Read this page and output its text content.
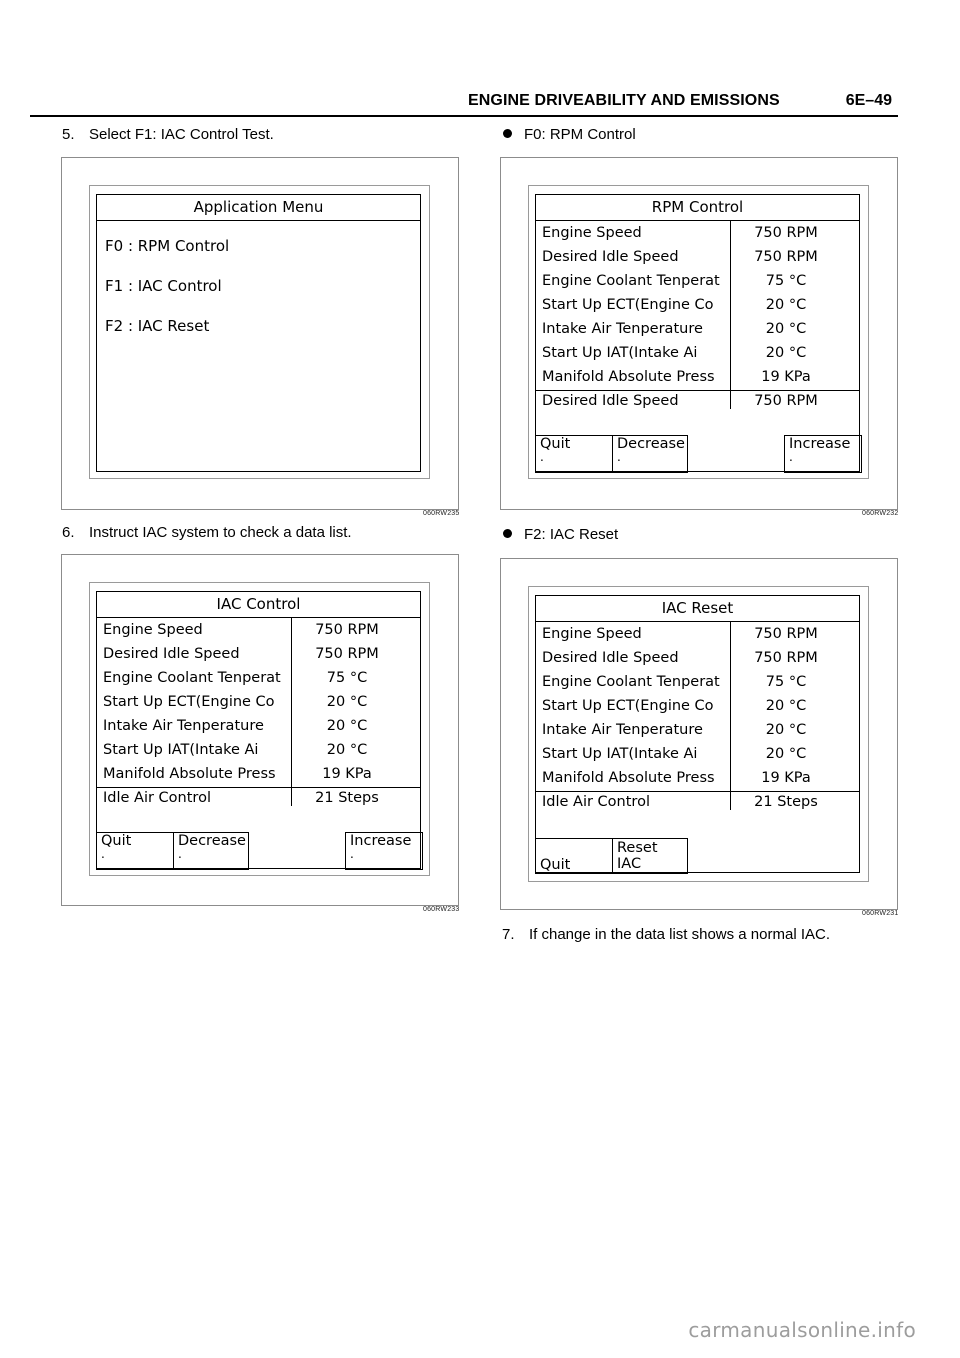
ENGINE DRIVEABILITY AND EMISSIONS	6E–49
5. Select F1: IAC Control Test.
Application Menu
F0 : RPM Control
F1 : IAC Control
F2 : IAC Reset
060RW235
6. Instruct IAC system to check a data list.
IAC Control
Engine Speed	750 RPM
Desired Idle Speed	750 RPM
Engine Coolant Tenperat	75 °C
Start Up ECT(Engine Co	20 °C
Intake Air Tenperature	20 °C
Start Up IAT(Intake Ai	20 °C
Manifold Absolute Press	19 KPa
Idle Air Control	21 Steps
Quit
.
Decrease
.
Increase
.
060RW233
F0: RPM Control
RPM Control
Engine Speed	750 RPM
Desired Idle Speed	750 RPM
Engine Coolant Tenperat	75 °C
Start Up ECT(Engine Co	20 °C
Intake Air Tenperature	20 °C
Start Up IAT(Intake Ai	20 °C
Manifold Absolute Press	19 KPa
Desired Idle Speed	750 RPM
Quit
.
Decrease
.
Increase
.
060RW232
F2: IAC Reset
IAC Reset
Engine Speed	750 RPM
Desired Idle Speed	750 RPM
Engine Coolant Tenperat	75 °C
Start Up ECT(Engine Co	20 °C
Intake Air Tenperature	20 °C
Start Up IAT(Intake Ai	20 °C
Manifold Absolute Press	19 KPa
Idle Air Control	21 Steps
Quit
Reset
IAC
060RW231
7. If change in the data list shows a normal IAC.
carmanualsonline.info
